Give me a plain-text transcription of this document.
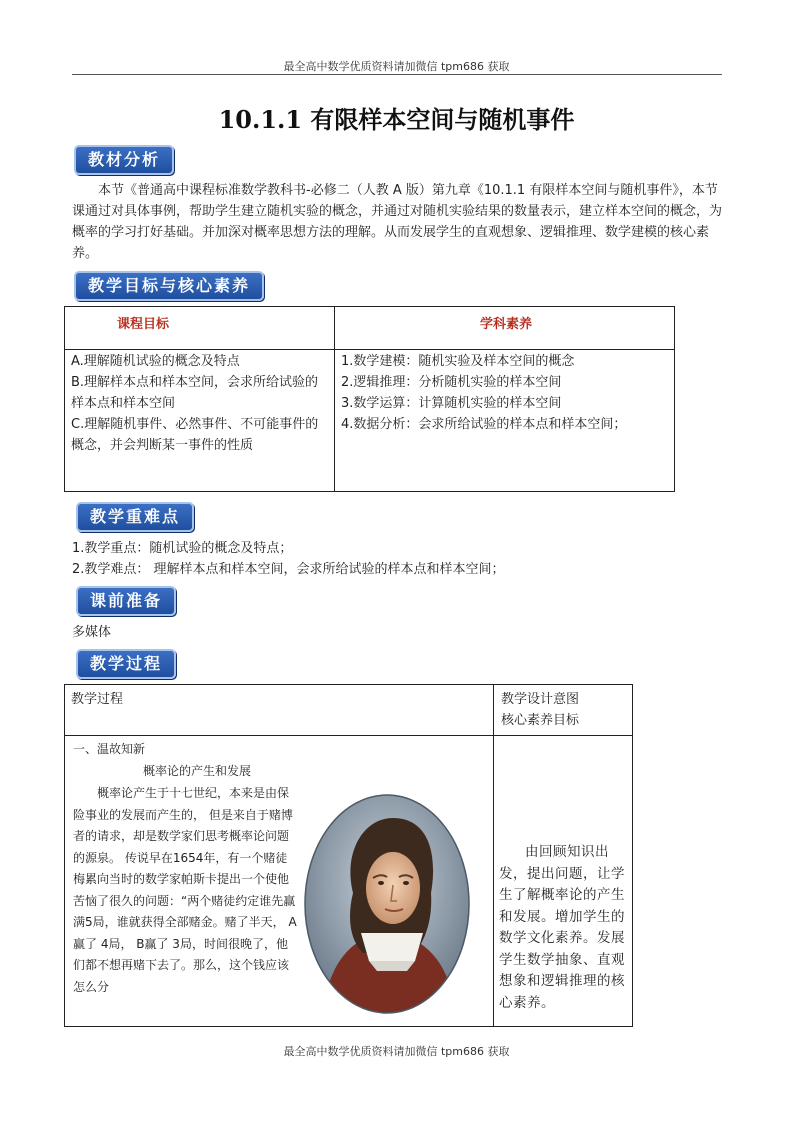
最全高中数学优质资料请加微信 tpm686 获取
10.1.1 有限样本空间与随机事件
教材分析
本节《普通高中课程标准数学教科书-必修二（人教 A 版）第九章《10.1.1 有限样本空间与随机事件》，本节课通过对具体事例，帮助学生建立随机实验的概念，并通过对随机实验结果的数量表示，建立样本空间的概念，为概率的学习打好基础。并加深对概率思想方法的理解。从而发展学生的直观想象、逻辑推理、数学建模的核心素养。
教学目标与核心素养
课程目标	学科素养
A.理解随机试验的概念及特点
B.理解样本点和样本空间，会求所给试验的样本点和样本空间
C.理解随机事件、必然事件、不可能事件的概念，并会判断某一事件的性质
1.数学建模：随机实验及样本空间的概念
2.逻辑推理：分析随机实验的样本空间
3.数学运算：计算随机实验的样本空间
4.数据分析：会求所给试验的样本点和样本空间；
教学重难点
1.教学重点：随机试验的概念及特点；
2.教学难点： 理解样本点和样本空间，会求所给试验的样本点和样本空间；
课前准备
多媒体
教学过程
教学过程	教学设计意图
核心素养目标
一、温故知新
概率论的产生和发展
概率论产生于十七世纪，本来是由保险事业的发展而产生的， 但是来自于赌博者的请求，却是数学家们思考概率论问题的源泉。 传说早在1654年，有一个赌徒梅累向当时的数学家帕斯卡提出一个使他苦恼了很久的问题：“两个赌徒约定谁先赢满5局，谁就获得全部赌金。赌了半天， A赢了 4局， B赢了 3局，时间很晚了，他们都不想再赌下去了。那么，这个钱应该怎么分
由回顾知识出发，提出问题，让学生了解概率论的产生和发展。增加学生的数学文化素养。发展学生数学抽象、直观想象和逻辑推理的核心素养。
最全高中数学优质资料请加微信 tpm686 获取
